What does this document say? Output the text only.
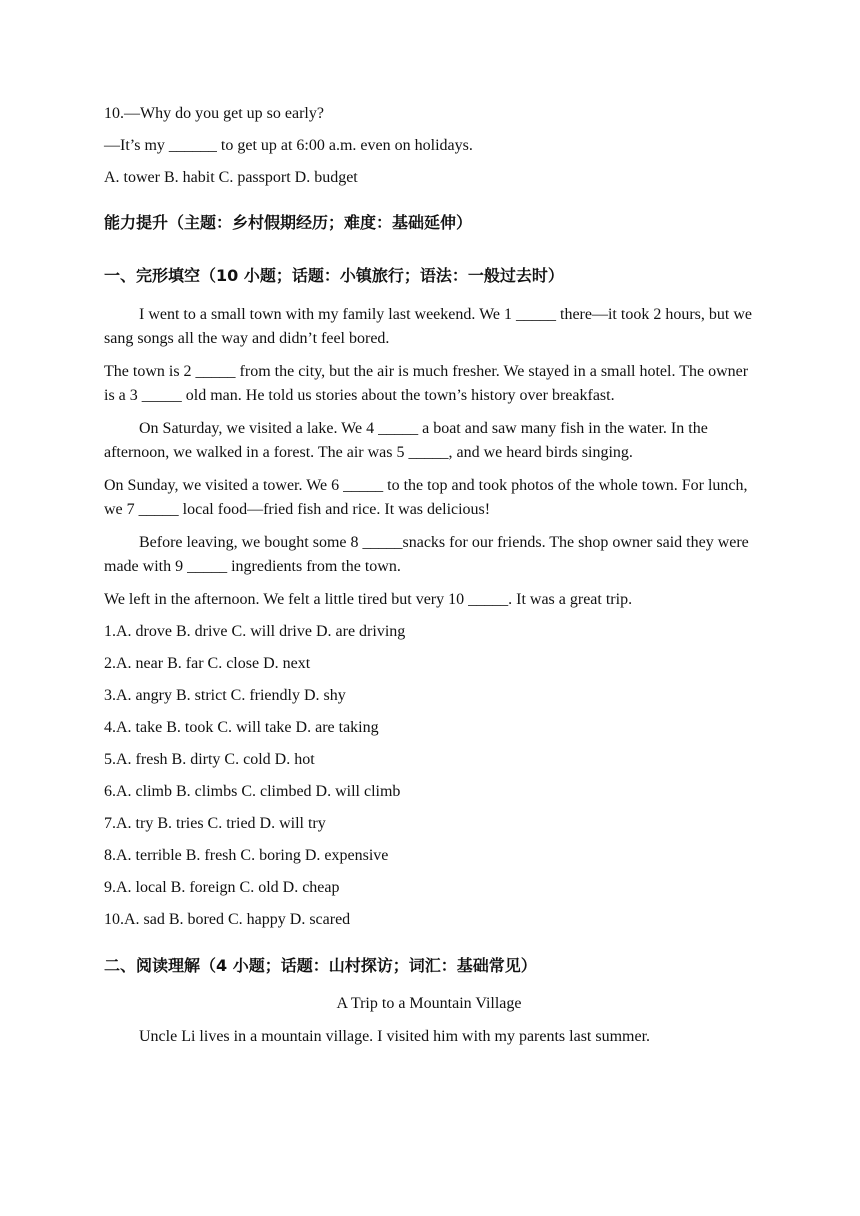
10.—Why do you get up so early?
—It’s my ______ to get up at 6:00 a.m. even on holidays.
A. tower B. habit C. passport D. budget
能力提升（主题：乡村假期经历；难度：基础延伸）
一、完形填空（10 小题；话题：小镇旅行；语法：一般过去时）
I went to a small town with my family last weekend. We 1 _____ there—it took 2 hours, but we sang songs all the way and didn’t feel bored.
The town is 2 _____ from the city, but the air is much fresher. We stayed in a small hotel. The owner is a 3 _____ old man. He told us stories about the town’s history over breakfast.
On Saturday, we visited a lake. We 4 _____ a boat and saw many fish in the water. In the afternoon, we walked in a forest. The air was 5 _____, and we heard birds singing.
On Sunday, we visited a tower. We 6 _____ to the top and took photos of the whole town. For lunch, we 7 _____ local food—fried fish and rice. It was delicious!
Before leaving, we bought some 8 _____snacks for our friends. The shop owner said they were made with 9 _____ ingredients from the town.
We left in the afternoon. We felt a little tired but very 10 _____. It was a great trip.
1.A. drove B. drive C. will drive D. are driving
2.A. near B. far C. close D. next
3.A. angry B. strict C. friendly D. shy
4.A. take B. took C. will take D. are taking
5.A. fresh B. dirty C. cold D. hot
6.A. climb B. climbs C. climbed D. will climb
7.A. try B. tries C. tried D. will try
8.A. terrible B. fresh C. boring D. expensive
9.A. local B. foreign C. old D. cheap
10.A. sad B. bored C. happy D. scared
二、阅读理解（4 小题；话题：山村探访；词汇：基础常见）
A Trip to a Mountain Village
Uncle Li lives in a mountain village. I visited him with my parents last summer.
